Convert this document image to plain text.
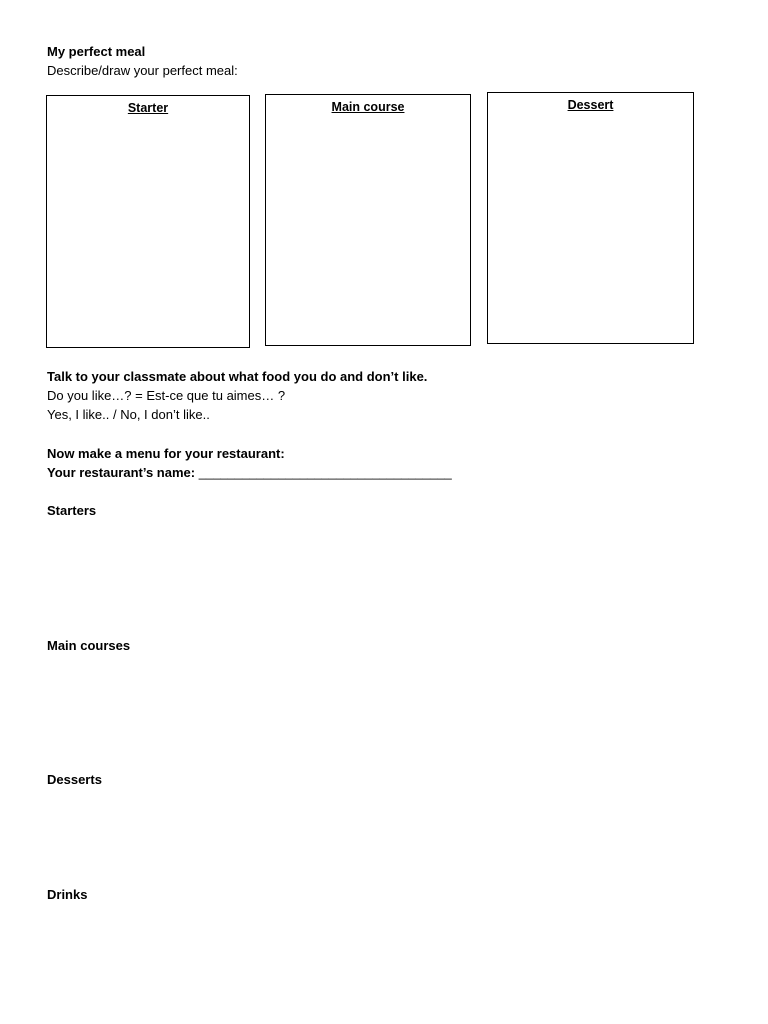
My perfect meal
Describe/draw your perfect meal:
Starter	Main course	Dessert
Talk to your classmate about what food you do and don’t like.
Do you like…? = Est-ce que tu aimes… ?
Yes, I like.. / No, I don’t like..
Now make a menu for your restaurant:
Your restaurant’s name: ___________________________________
Starters
Main courses
Desserts
Drinks
